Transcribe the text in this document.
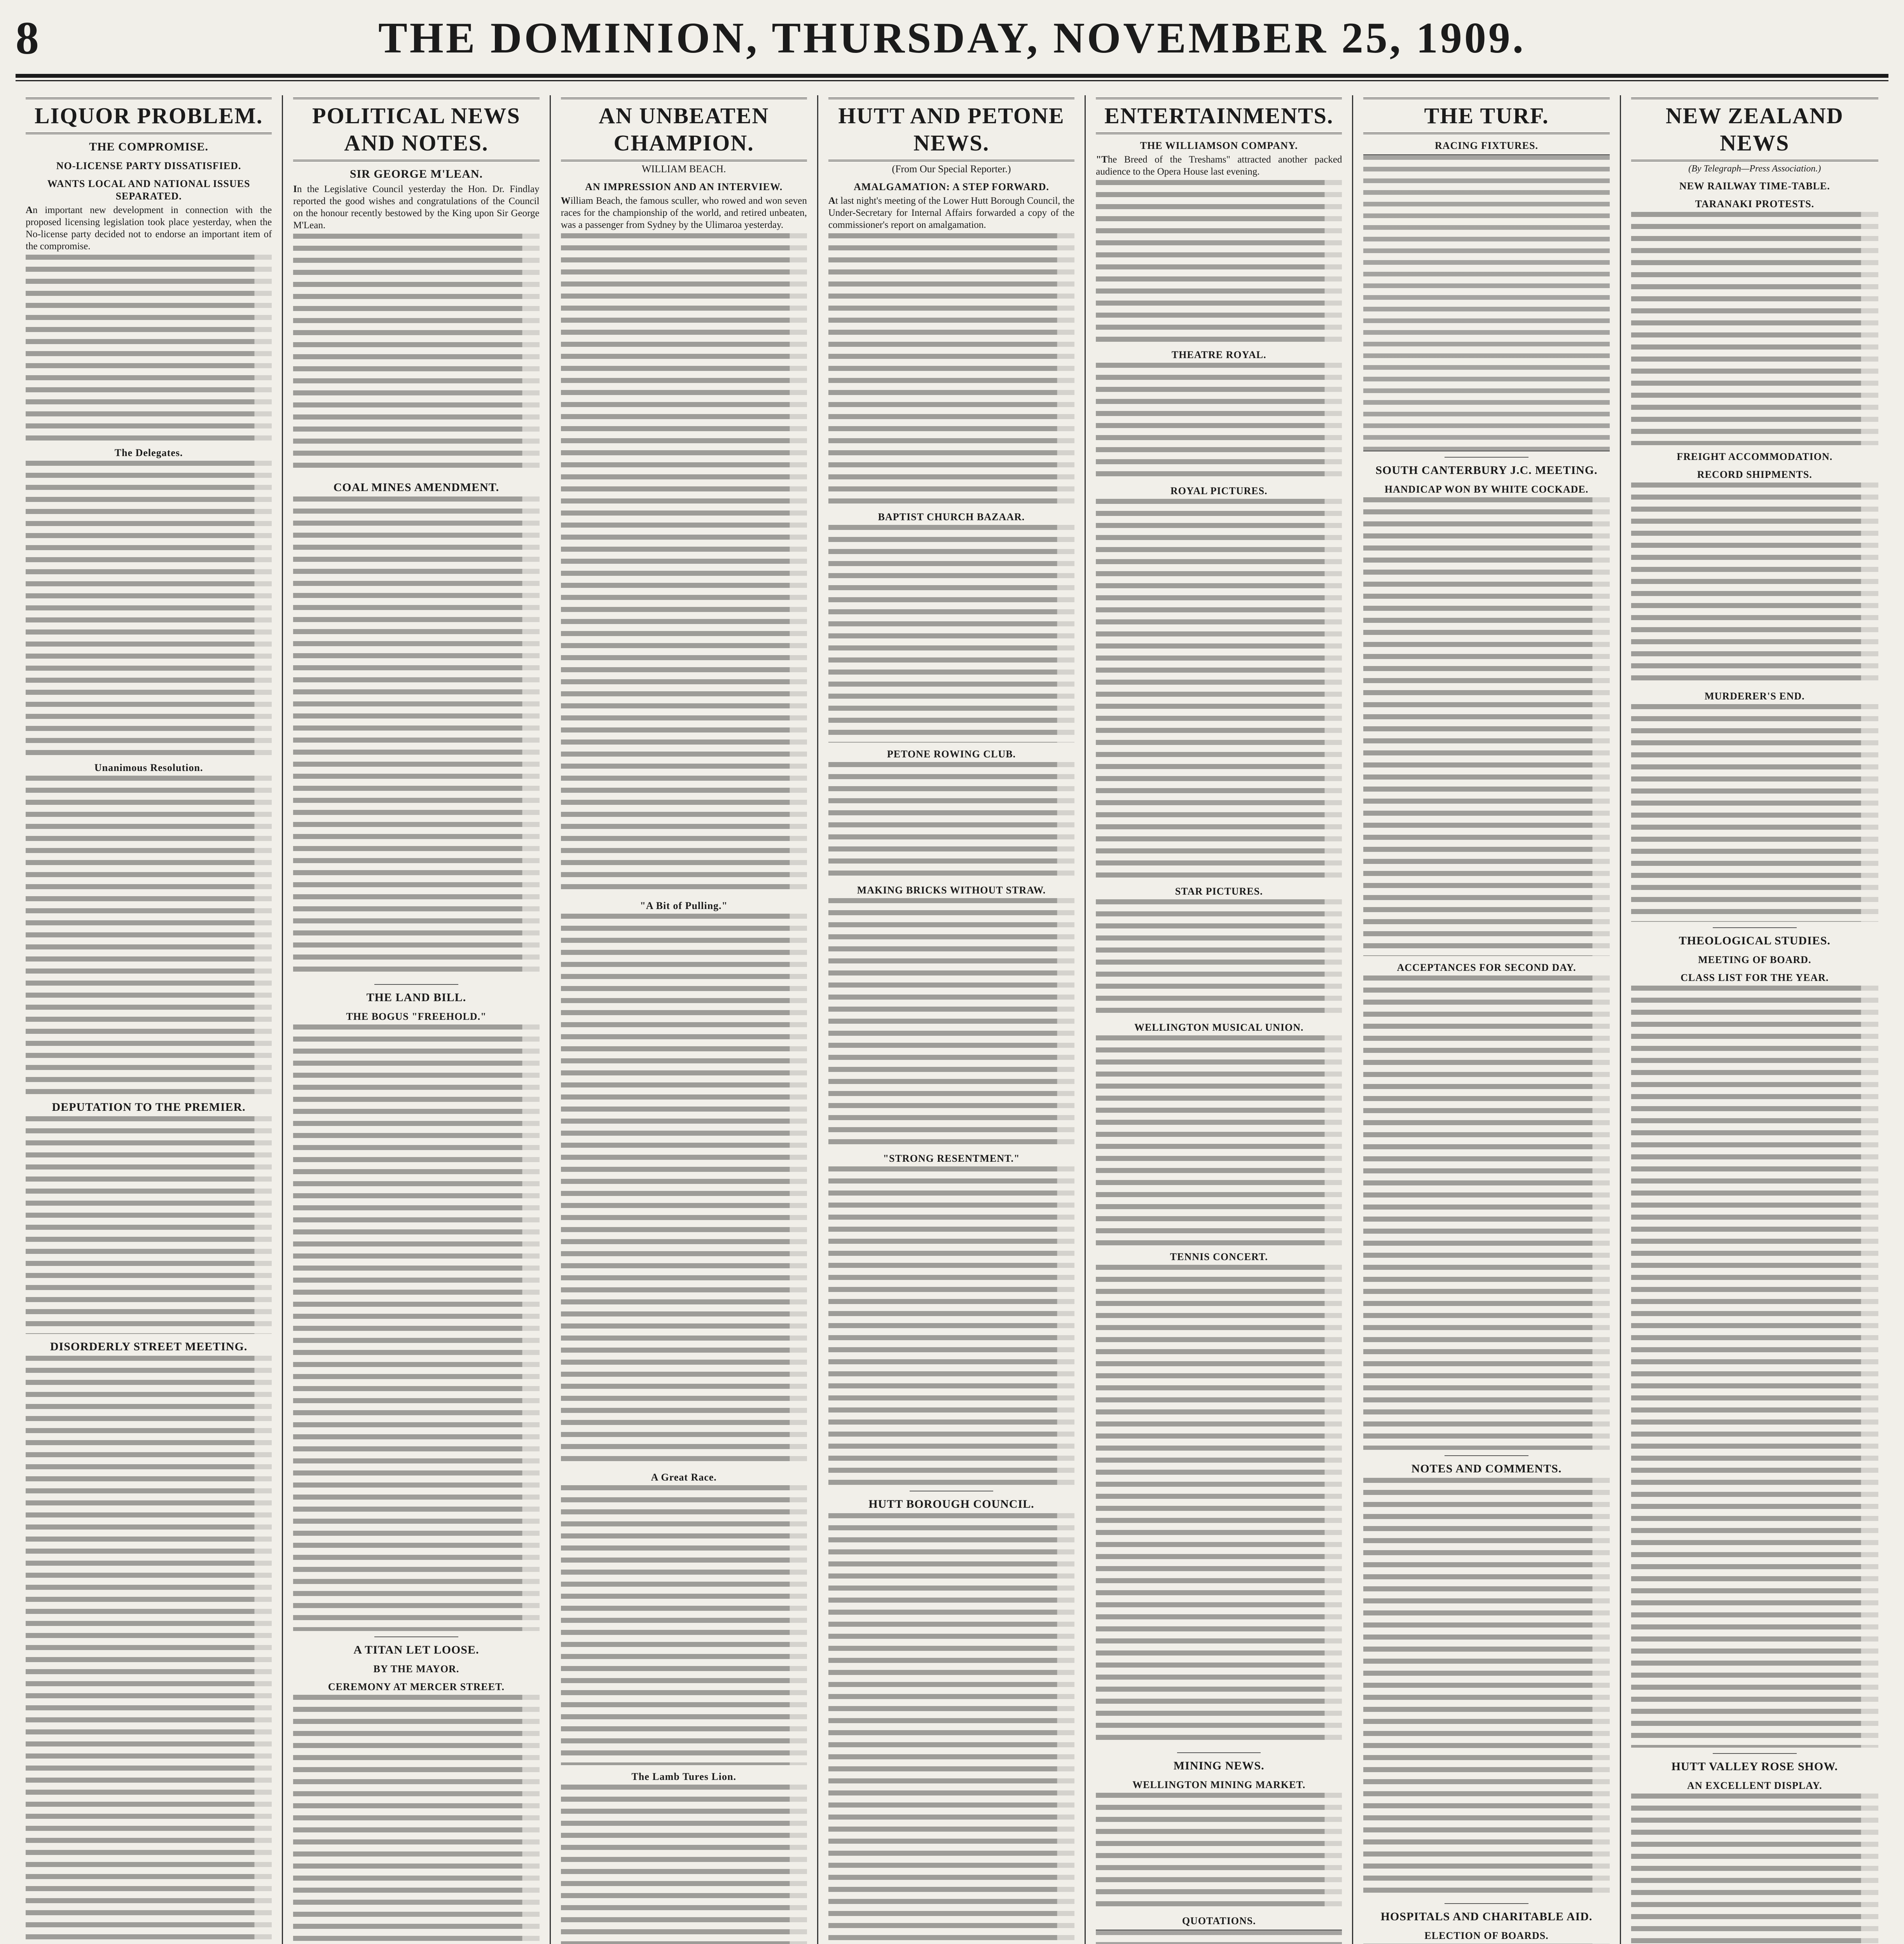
8	THE DOMINION, THURSDAY, NOVEMBER 25, 1909.
LIQUOR PROBLEM.
THE COMPROMISE.
NO-LICENSE PARTY DISSATISFIED.
WANTS LOCAL AND NATIONAL ISSUES SEPARATED.
An important new development in connection with the proposed licensing legislation took place yesterday, when the No-license party decided not to endorse an important item of the compromise.
The Delegates.
Unanimous Resolution.
DEPUTATION TO THE PREMIER.
DISORDERLY STREET MEETING.
POLITICAL NEWS AND NOTES.
SIR GEORGE M'LEAN.
In the Legislative Council yesterday the Hon. Dr. Findlay reported the good wishes and congratulations of the Council on the honour recently bestowed by the King upon Sir George M'Lean.
COAL MINES AMENDMENT.
THE LAND BILL.
THE BOGUS "FREEHOLD."
A TITAN LET LOOSE.
BY THE MAYOR.
CEREMONY AT MERCER STREET.
AN UNBEATEN CHAMPION.
WILLIAM BEACH.
AN IMPRESSION AND AN INTERVIEW.
William Beach, the famous sculler, who rowed and won seven races for the championship of the world, and retired unbeaten, was a passenger from Sydney by the Ulimaroa yesterday.
"A Bit of Pulling."
A Great Race.
The Lamb Tures Lion.
HUTT AND PETONE NEWS.
(From Our Special Reporter.)
AMALGAMATION: A STEP FORWARD.
At last night's meeting of the Lower Hutt Borough Council, the Under-Secretary for Internal Affairs forwarded a copy of the commissioner's report on amalgamation.
BAPTIST CHURCH BAZAAR.
PETONE ROWING CLUB.
MAKING BRICKS WITHOUT STRAW.
"STRONG RESENTMENT."
HUTT BOROUGH COUNCIL.
ENTERTAINMENTS.
THE WILLIAMSON COMPANY.
"The Breed of the Treshams" attracted another packed audience to the Opera House last evening.
THEATRE ROYAL.
ROYAL PICTURES.
STAR PICTURES.
WELLINGTON MUSICAL UNION.
TENNIS CONCERT.
MINING NEWS.
WELLINGTON MINING MARKET.
QUOTATIONS.
THE TURF.
RACING FIXTURES.
SOUTH CANTERBURY J.C. MEETING.
HANDICAP WON BY WHITE COCKADE.
ACCEPTANCES FOR SECOND DAY.
NOTES AND COMMENTS.
HOSPITALS AND CHARITABLE AID.
ELECTION OF BOARDS.
NEW ZEALAND NEWS
(By Telegraph—Press Association.)
NEW RAILWAY TIME-TABLE.
TARANAKI PROTESTS.
FREIGHT ACCOMMODATION.
RECORD SHIPMENTS.
MURDERER'S END.
THEOLOGICAL STUDIES.
MEETING OF BOARD.
CLASS LIST FOR THE YEAR.
HUTT VALLEY ROSE SHOW.
AN EXCELLENT DISPLAY.
